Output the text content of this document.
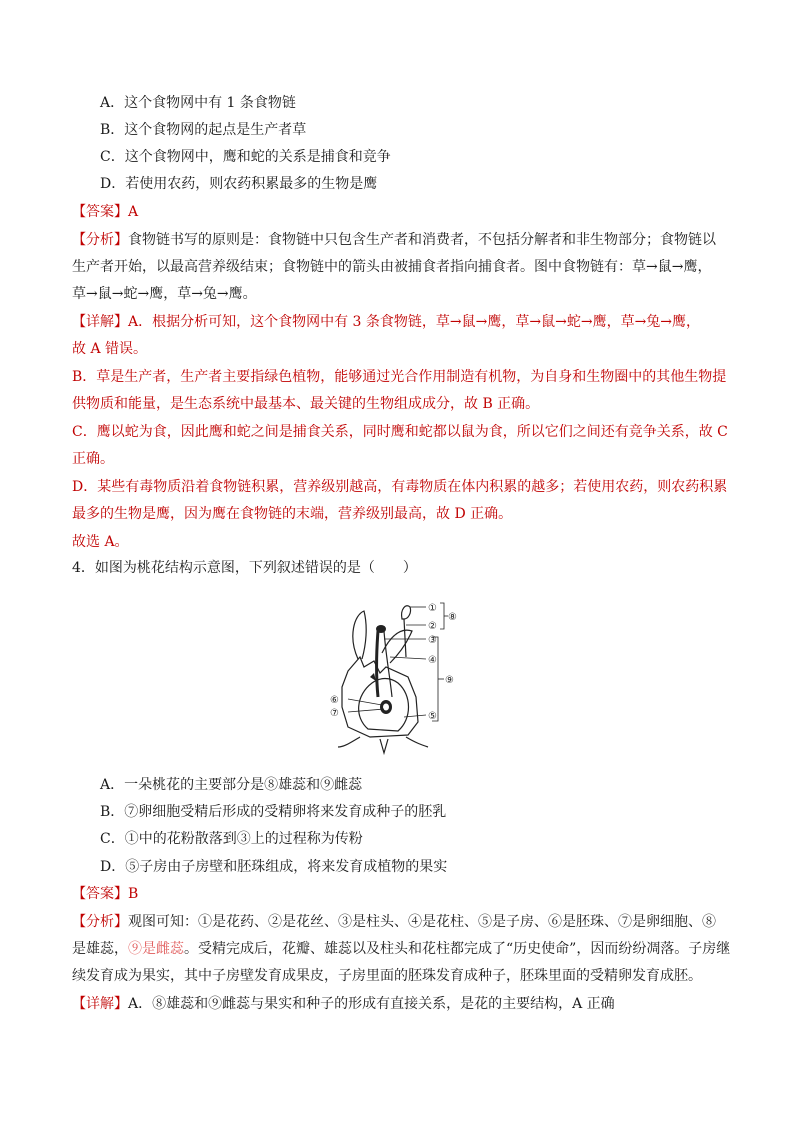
A．这个食物网中有 1 条食物链
B．这个食物网的起点是生产者草
C．这个食物网中，鹰和蛇的关系是捕食和竞争
D．若使用农药，则农药积累最多的生物是鹰
【答案】A
【分析】食物链书写的原则是：食物链中只包含生产者和消费者，不包括分解者和非生物部分；食物链以
生产者开始，以最高营养级结束；食物链中的箭头由被捕食者指向捕食者。图中食物链有：草→鼠→鹰，
草→鼠→蛇→鹰，草→兔→鹰。
【详解】A．根据分析可知，这个食物网中有 3 条食物链，草→鼠→鹰，草→鼠→蛇→鹰，草→兔→鹰，
故 A 错误。
B．草是生产者，生产者主要指绿色植物，能够通过光合作用制造有机物，为自身和生物圈中的其他生物提
供物质和能量，是生态系统中最基本、最关键的生物组成成分，故 B 正确。
C．鹰以蛇为食，因此鹰和蛇之间是捕食关系，同时鹰和蛇都以鼠为食，所以它们之间还有竞争关系，故 C
正确。
D．某些有毒物质沿着食物链积累，营养级别越高，有毒物质在体内积累的越多；若使用农药，则农药积累
最多的生物是鹰，因为鹰在食物链的末端，营养级别最高，故 D 正确。
故选 A。
4．如图为桃花结构示意图，下列叙述错误的是（　　）
①
②
③
④
⑤
⑥
⑦
⑧
⑨
A．一朵桃花的主要部分是⑧雄蕊和⑨雌蕊
B．⑦卵细胞受精后形成的受精卵将来发育成种子的胚乳
C．①中的花粉散落到③上的过程称为传粉
D．⑤子房由子房壁和胚珠组成，将来发育成植物的果实
【答案】B
【分析】观图可知：①是花药、②是花丝、③是柱头、④是花柱、⑤是子房、⑥是胚珠、⑦是卵细胞、⑧
是雄蕊，⑨是雌蕊。受精完成后，花瓣、雄蕊以及柱头和花柱都完成了“历史使命”，因而纷纷凋落。子房继
续发育成为果实，其中子房壁发育成果皮，子房里面的胚珠发育成种子，胚珠里面的受精卵发育成胚。
【详解】A．⑧雄蕊和⑨雌蕊与果实和种子的形成有直接关系，是花的主要结构，A 正确
